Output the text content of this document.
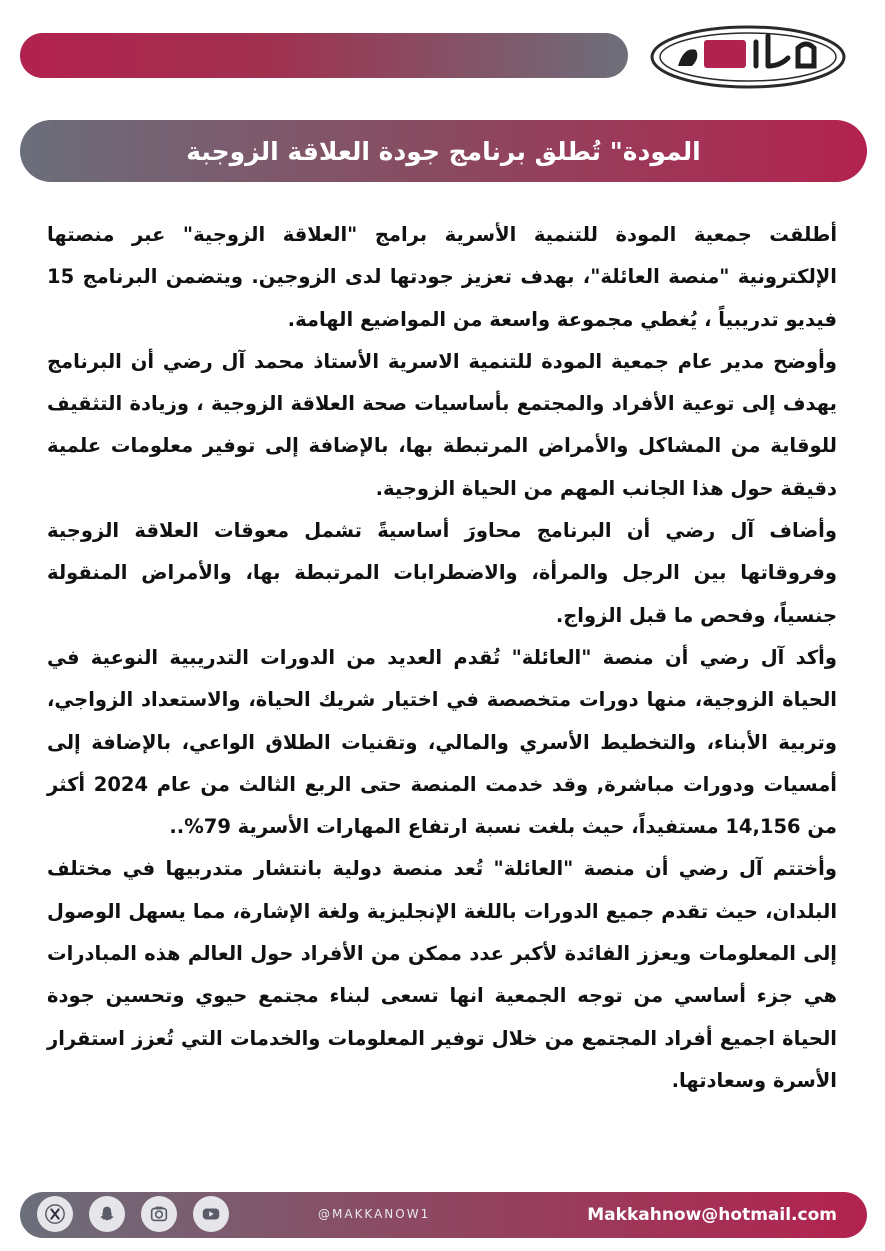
المودة" تُطلق برنامج جودة العلاقة الزوجبة

أطلقت جمعية المودة للتنمية الأسرية برامج "العلاقة الزوجية" عبر منصتها الإلكترونية "منصة العائلة"، بهدف تعزيز جودتها لدى الزوجين. ويتضمن البرنامج 15 فيديو تدريبياً ، يُغطي مجموعة واسعة من المواضيع الهامة.

وأوضح مدير عام جمعية المودة للتنمية الاسرية الأستاذ محمد آل رضي أن البرنامج يهدف إلى توعية الأفراد والمجتمع بأساسيات صحة العلاقة الزوجية ، وزيادة التثقيف للوقاية من المشاكل والأمراض المرتبطة بها، بالإضافة إلى توفير معلومات علمية دقيقة حول هذا الجانب المهم من الحياة الزوجية.

وأضاف آل رضي أن البرنامج محاورَ أساسيةً تشمل معوقات العلاقة الزوجية وفروقاتها بين الرجل والمرأة، والاضطرابات المرتبطة بها، والأمراض المنقولة جنسياً، وفحص ما قبل الزواج.

وأكد آل رضي أن منصة "العائلة" تُقدم العديد من الدورات التدريبية النوعية في الحياة الزوجية، منها دورات متخصصة في اختيار شريك الحياة، والاستعداد الزواجي، وتربية الأبناء، والتخطيط الأسري والمالي، وتقنيات الطلاق الواعي، بالإضافة إلى أمسيات ودورات مباشرة, وقد خدمت المنصة حتى الربع الثالث من عام 2024 أكثر من 14,156 مستفيداً، حيث بلغت نسبة ارتفاع المهارات الأسرية 79%..

وأختتم آل رضي أن منصة "العائلة" تُعد منصة دولية بانتشار متدربيها في مختلف البلدان، حيث تقدم جميع الدورات باللغة الإنجليزية ولغة الإشارة، مما يسهل الوصول إلى المعلومات ويعزز الفائدة لأكبر عدد ممكن من الأفراد حول العالم هذه المبادرات هي جزء أساسي من توجه الجمعية انها تسعى لبناء مجتمع حيوي وتحسين جودة الحياة اجميع أفراد المجتمع من خلال توفير المعلومات والخدمات التي تُعزز استقرار الأسرة وسعادتها.

@MAKKANOW1	Makkahnow@hotmail.com
